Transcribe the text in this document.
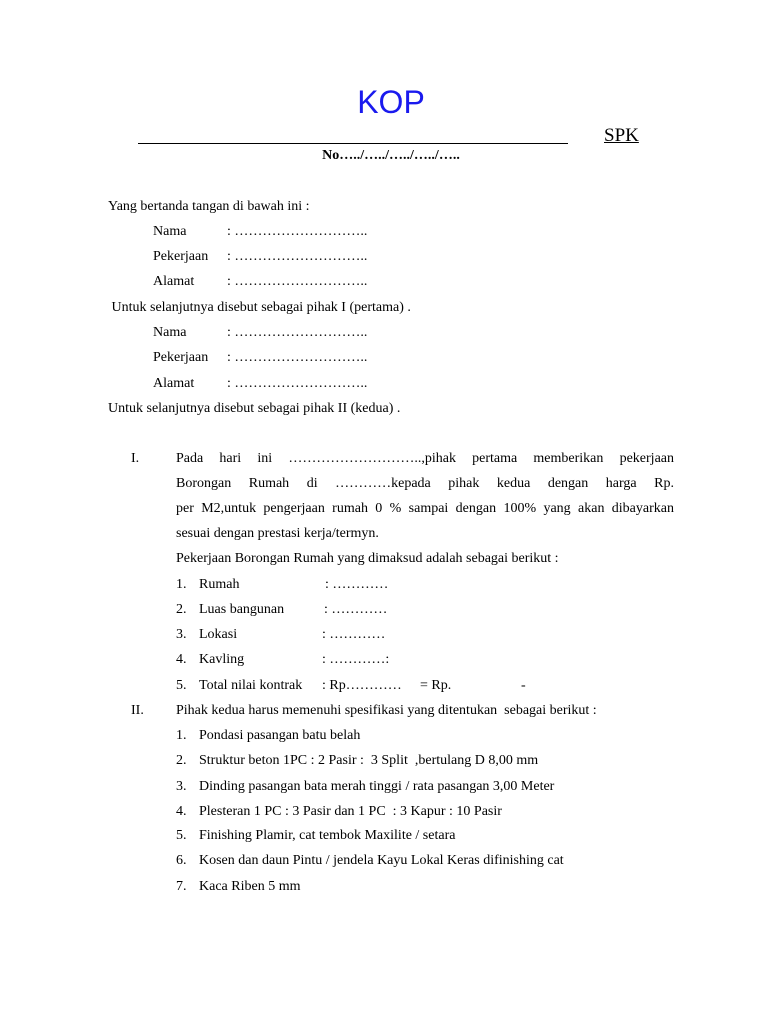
KOP
SPK
No…../…../…../…../…..
Yang bertanda tangan di bawah ini :
Nama	: ………………………..
Pekerjaan : ………………………..
Alamat : ………………………..
Untuk selanjutnya disebut sebagai pihak I (pertama) .
Nama	: ………………………..
Pekerjaan : ………………………..
Alamat : ………………………..
Untuk selanjutnya disebut sebagai pihak II (kedua) .
I.	Pada hari ini ………………………..,pihak pertama memberikan pekerjaan
Borongan Rumah di …………kepada pihak kedua dengan harga Rp.
per M2,untuk pengerjaan rumah 0 % sampai dengan 100% yang akan dibayarkan
sesuai dengan prestasi kerja/termyn.
Pekerjaan Borongan Rumah yang dimaksud adalah sebagai berikut :
1. Rumah	: …………
2. Luas bangunan	: …………
3. Lokasi	: …………
4. Kavling	: …………:
5. Total nilai kontrak : Rp………… = Rp.	-
II. Pihak kedua harus memenuhi spesifikasi yang ditentukan  sebagai berikut :
1. Pondasi pasangan batu belah
2. Struktur beton 1PC : 2 Pasir :  3 Split  ,bertulang D 8,00 mm
3. Dinding pasangan bata merah tinggi / rata pasangan 3,00 Meter
4. Plesteran 1 PC : 3 Pasir dan 1 PC  : 3 Kapur : 10 Pasir
5. Finishing Plamir, cat tembok Maxilite / setara
6. Kosen dan daun Pintu / jendela Kayu Lokal Keras difinishing cat
7. Kaca Riben 5 mm
